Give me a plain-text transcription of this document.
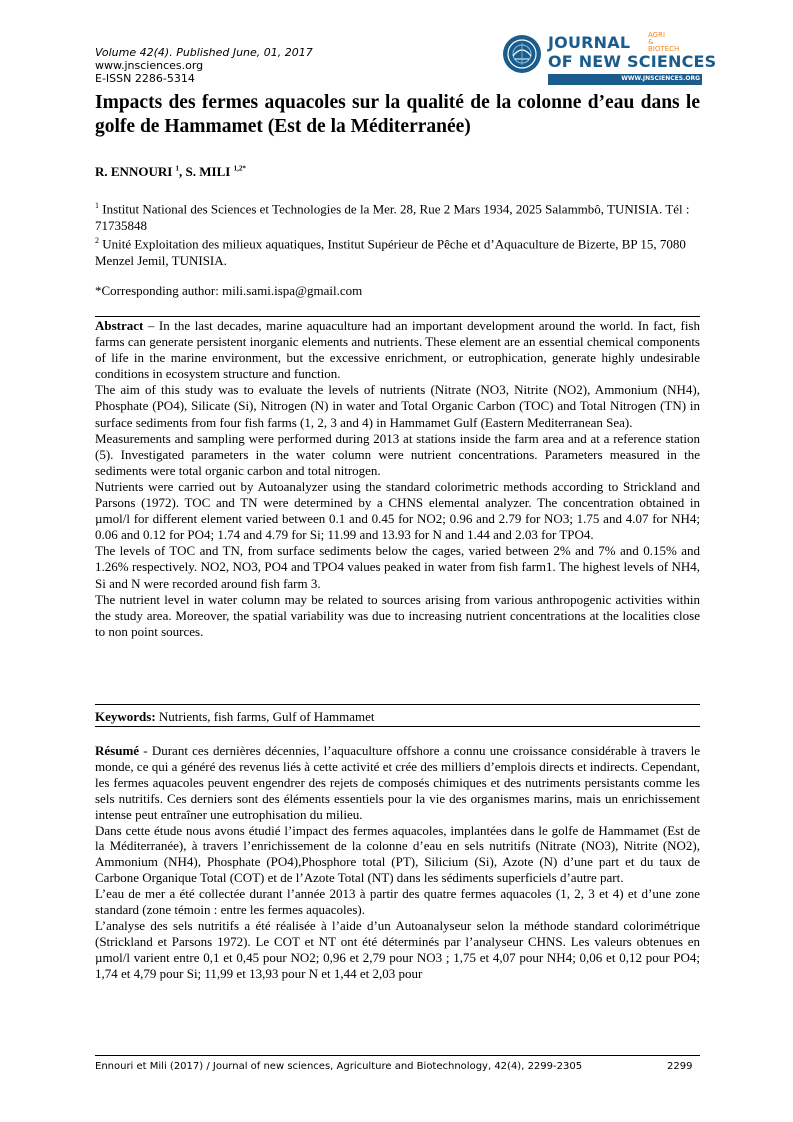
Volume 42(4). Published June, 01, 2017
www.jnsciences.org
E-ISSN 2286-5314
JOURNAL	AGRI
&
BIOTECH
OF NEW SCIENCES
WWW.JNSCIENCES.ORG
Impacts des fermes aquacoles sur la qualité de la colonne d’eau dans le golfe de Hammamet (Est de la Méditerranée)
R. ENNOURI $^1$, S. MILI $^{1,2*}$
$^1$ Institut National des Sciences et Technologies de la Mer. 28, Rue 2 Mars 1934, 2025 Salammbô, TUNISIA. Tél : 71735848
$^2$ Unité Exploitation des milieux aquatiques, Institut Supérieur de Pêche et d’Aquaculture de Bizerte, BP 15, 7080 Menzel Jemil, TUNISIA.
*Corresponding author: mili.sami.ispa@gmail.com

Abstract – In the last decades, marine aquaculture had an important development around the world. In fact, fish farms can generate persistent inorganic elements and nutrients. These element are an essential chemical components of life in the marine environment, but the excessive enrichment, or eutrophication, generate highly undesirable conditions in ecosystem structure and function.

The aim of this study was to evaluate the levels of nutrients (Nitrate (NO3, Nitrite (NO2), Ammonium (NH4), Phosphate (PO4), Silicate (Si), Nitrogen (N) in water and Total Organic Carbon (TOC) and Total Nitrogen (TN) in surface sediments from four fish farms (1, 2, 3 and 4) in Hammamet Gulf (Eastern Mediterranean Sea).

Measurements and sampling were performed during 2013 at stations inside the farm area and at a reference station (5). Investigated parameters in the water column were nutrient concentrations. Parameters measured in the sediments were total organic carbon and total nitrogen.

Nutrients were carried out by Autoanalyzer using the standard colorimetric methods according to Strickland and Parsons (1972). TOC and TN were determined by a CHNS elemental analyzer. The concentration obtained in µmol/l for different element varied between 0.1 and 0.45 for NO2; 0.96 and 2.79 for NO3; 1.75 and 4.07 for NH4; 0.06 and 0.12 for PO4; 1.74 and 4.79 for Si; 11.99 and 13.93 for N and 1.44 and 2.03 for TPO4.

The levels of TOC and TN, from surface sediments below the cages, varied between 2% and 7% and 0.15% and 1.26% respectively. NO2, NO3, PO4 and TPO4 values peaked in water from fish farm1. The highest levels of NH4, Si and N were recorded around fish farm 3.

The nutrient level in water column may be related to sources arising from various anthropogenic activities within the study area. Moreover, the spatial variability was due to increasing nutrient concentrations at the localities close to non point sources.

Keywords: Nutrients, fish farms, Gulf of Hammamet

Résumé - Durant ces dernières décennies, l’aquaculture offshore a connu une croissance considérable à travers le monde, ce qui a généré des revenus liés à cette activité et crée des milliers d’emplois directs et indirects. Cependant, les fermes aquacoles peuvent engendrer des rejets de composés chimiques et des nutriments persistants comme les sels nutritifs. Ces derniers sont des éléments essentiels pour la vie des organismes marins, mais un enrichissement intense peut entraîner une eutrophisation du milieu.

Dans cette étude nous avons étudié l’impact des fermes aquacoles, implantées dans le golfe de Hammamet (Est de la Méditerranée), à travers l’enrichissement de la colonne d’eau en sels nutritifs (Nitrate (NO3), Nitrite (NO2), Ammonium (NH4), Phosphate (PO4),Phosphore total (PT), Silicium (Si), Azote (N) d’une part et du taux de Carbone Organique Total (COT) et de l’Azote Total (NT) dans les sédiments superficiels d’autre part.

L’eau de mer a été collectée durant l’année 2013 à partir des quatre fermes aquacoles (1, 2, 3 et 4) et d’une zone standard (zone témoin : entre les fermes aquacoles).

L’analyse des sels nutritifs a été réalisée à l’aide d’un Autoanalyseur selon la méthode standard colorimétrique (Strickland et Parsons 1972). Le COT et NT ont été déterminés par l’analyseur CHNS. Les valeurs obtenues en µmol/l varient entre 0,1 et 0,45 pour NO2; 0,96 et 2,79 pour NO3 ; 1,75 et 4,07 pour NH4; 0,06 et 0,12 pour PO4; 1,74 et 4,79 pour Si; 11,99 et 13,93 pour N et 1,44 et 2,03 pour

Ennouri et Mili (2017) / Journal of new sciences, Agriculture and Biotechnology, 42(4), 2299-2305	2299
